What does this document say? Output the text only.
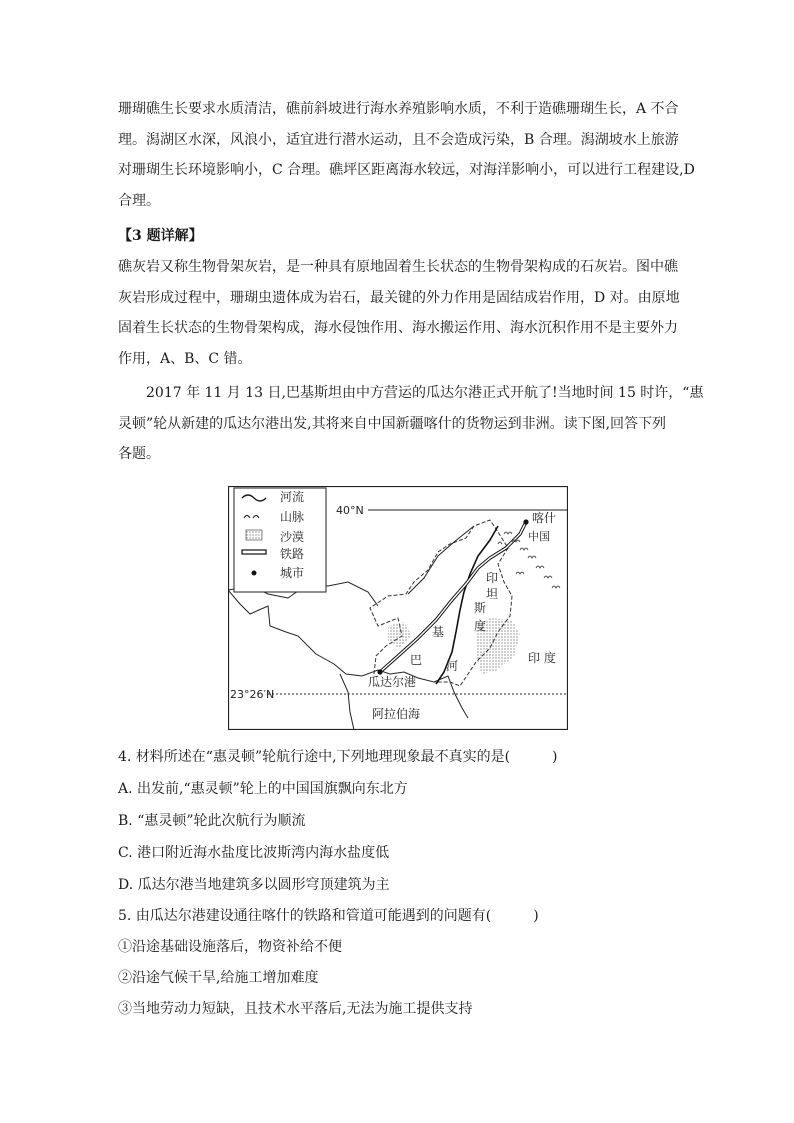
珊瑚礁生长要求水质清洁，礁前斜坡进行海水养殖影响水质，不利于造礁珊瑚生长，A 不合
理。潟湖区水深，风浪小，适宜进行潜水运动，且不会造成污染，B 合理。潟湖坡水上旅游
对珊瑚生长环境影响小，C 合理。礁坪区距离海水较远，对海洋影响小，可以进行工程建设,D
合理。
【3 题详解】
礁灰岩又称生物骨架灰岩，是一种具有原地固着生长状态的生物骨架构成的石灰岩。图中礁
灰岩形成过程中，珊瑚虫遗体成为岩石，最关键的外力作用是固结成岩作用，D 对。由原地
固着生长状态的生物骨架构成，海水侵蚀作用、海水搬运作用、海水沉积作用不是主要外力
作用，A、B、C 错。
2017 年 11 月 13 日,巴基斯坦由中方营运的瓜达尔港正式开航了!当地时间 15 时许，“惠
灵顿”轮从新建的瓜达尔港出发,其将来自中国新疆喀什的货物运到非洲。读下图,回答下列
各题。
河流
山脉
沙漠
铁路
城市
40°N
喀什
中国
印
坦
斯
度
基
巴 河
印 度
瓜达尔港
23°26′N
阿拉伯海
4. 材料所述在“惠灵顿”轮航行途中,下列地理现象最不真实的是(　　　)
A. 出发前,“惠灵顿”轮上的中国国旗飘向东北方
B. “惠灵顿”轮此次航行为顺流
C. 港口附近海水盐度比波斯湾内海水盐度低
D. 瓜达尔港当地建筑多以圆形穹顶建筑为主
5. 由瓜达尔港建设通往喀什的铁路和管道可能遇到的问题有(　　　)
①沿途基础设施落后，物资补给不便
②沿途气候干旱,给施工增加难度
③当地劳动力短缺，且技术水平落后,无法为施工提供支持
